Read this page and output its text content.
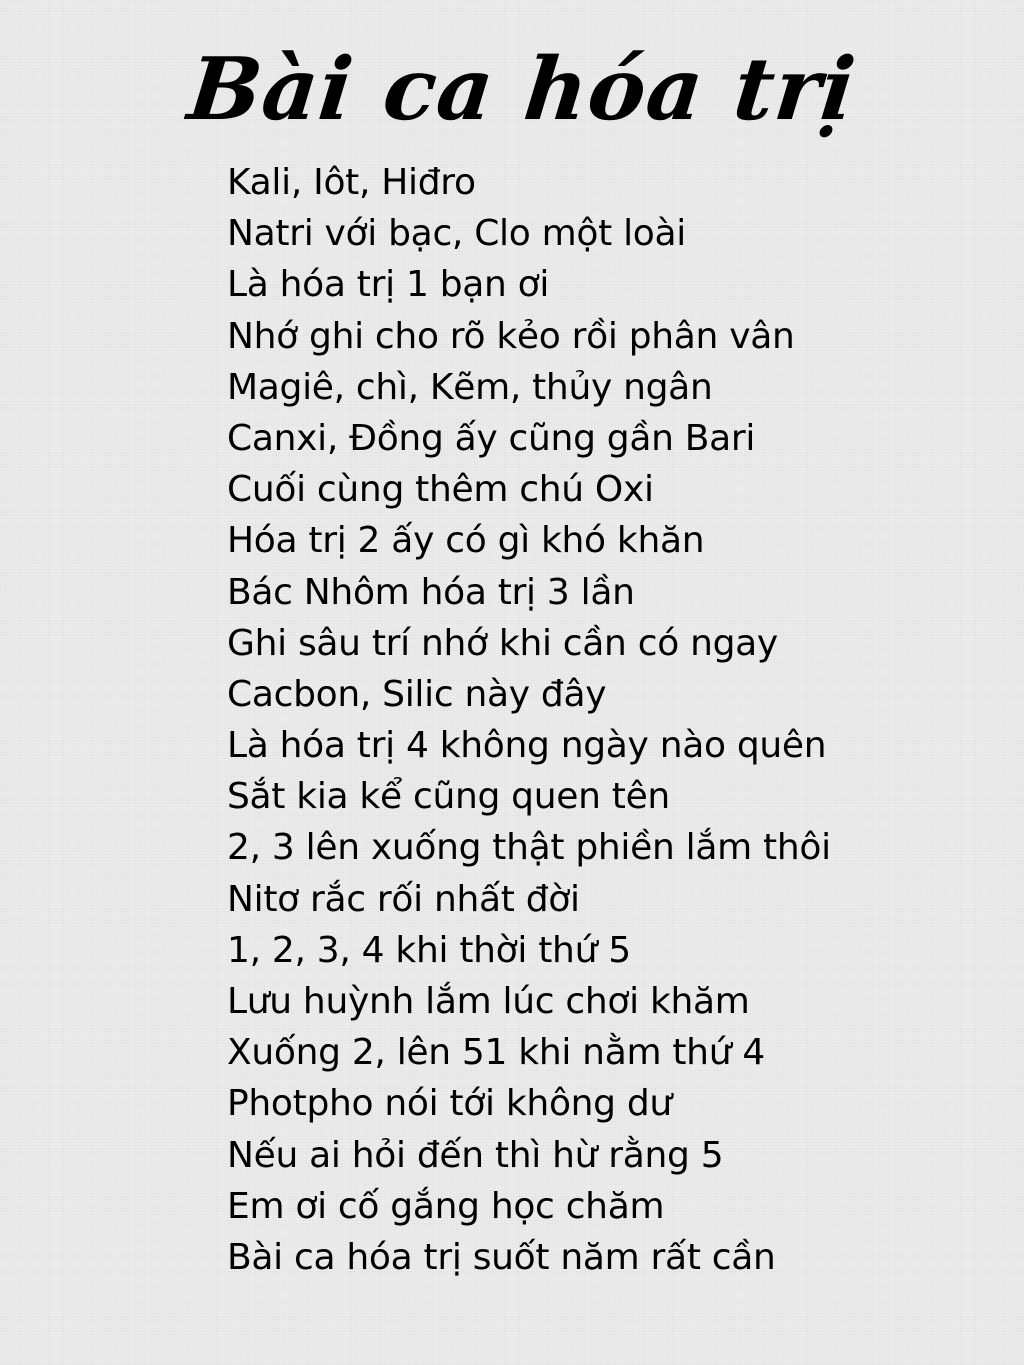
Bài ca hóa trị
Kali, Iôt, Hiđro
Natri với bạc, Clo một loài
Là hóa trị 1 bạn ơi
Nhớ ghi cho rõ kẻo rồi phân vân
Magiê, chì, Kẽm, thủy ngân
Canxi, Đồng ấy cũng gần Bari
Cuối cùng thêm chú Oxi
Hóa trị 2 ấy có gì khó khăn
Bác Nhôm hóa trị 3 lần
Ghi sâu trí nhớ khi cần có ngay
Cacbon, Silic này đây
Là hóa trị 4 không ngày nào quên
Sắt kia kể cũng quen tên
2, 3 lên xuống thật phiền lắm thôi
Nitơ rắc rối nhất đời
1, 2, 3, 4 khi thời thứ 5
Lưu huỳnh lắm lúc chơi khăm
Xuống 2, lên 51 khi nằm thứ 4
Photpho nói tới không dư
Nếu ai hỏi đến thì hừ rằng 5
Em ơi cố gắng học chăm
Bài ca hóa trị suốt năm rất cần
